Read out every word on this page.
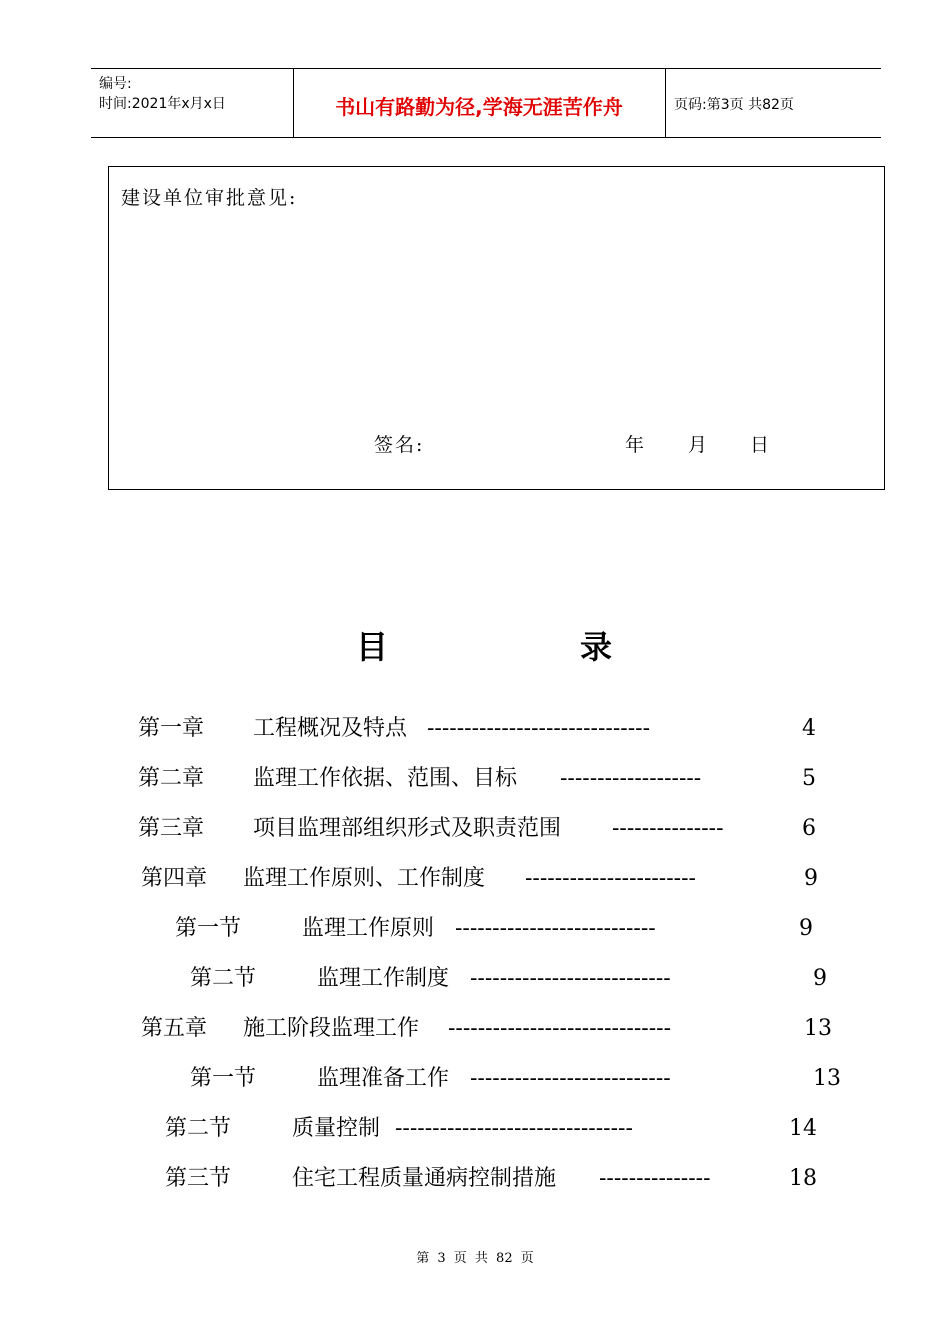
编号:
时间:2021年x月x日	书山有路勤为径,学海无涯苦作舟	页码:第3页 共82页
建设单位审批意见:
签名:	年 月 日
目	录
第一章 工程概况及特点 ------------------------------	4
第二章 监理工作依据、范围、目标 -------------------	5
第三章 项目监理部组织形式及职责范围 ---------------	6
第四章 监理工作原则、工作制度 -----------------------	9
第一节	监理工作原则 ---------------------------	9
第二节	监理工作制度 ---------------------------	9
第五章 施工阶段监理工作 ------------------------------	13
第一节	监理准备工作 ---------------------------	13
第二节	质量控制 --------------------------------	14
第三节	住宅工程质量通病控制措施 ---------------	18
第 3 页 共 82 页
